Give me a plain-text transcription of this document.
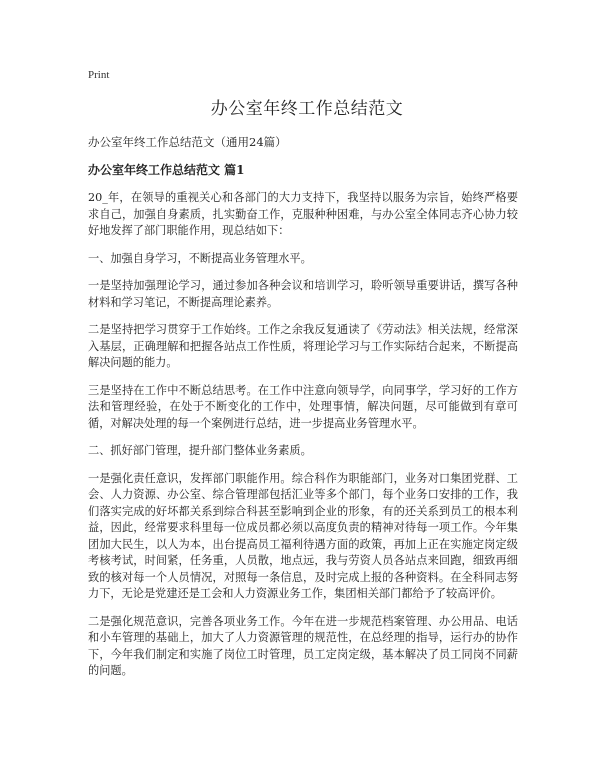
Print
办公室年终工作总结范文
办公室年终工作总结范文（通用24篇）
办公室年终工作总结范文 篇1

20_年，在领导的重视关心和各部门的大力支持下，我坚持以服务为宗旨，始终严格要求自己，加强自身素质，扎实勤奋工作，克服种种困难，与办公室全体同志齐心协力较好地发挥了部门职能作用，现总结如下：

一、加强自身学习，不断提高业务管理水平。

一是坚持加强理论学习，通过参加各种会议和培训学习，聆听领导重要讲话，撰写各种材料和学习笔记，不断提高理论素养。

二是坚持把学习贯穿于工作始终。工作之余我反复通读了《劳动法》相关法规，经常深入基层，正确理解和把握各站点工作性质，将理论学习与工作实际结合起来，不断提高解决问题的能力。

三是坚持在工作中不断总结思考。在工作中注意向领导学，向同事学，学习好的工作方法和管理经验，在处于不断变化的工作中，处理事情，解决问题，尽可能做到有章可循，对解决处理的每一个案例进行总结，进一步提高业务管理水平。

二、抓好部门管理，提升部门整体业务素质。

一是强化责任意识，发挥部门职能作用。综合科作为职能部门，业务对口集团党群、工会、人力资源、办公室、综合管理部包括汇业等多个部门，每个业务口安排的工作，我们落实完成的好坏都关系到综合科甚至影响到企业的形象，有的还关系到员工的根本利益，因此，经常要求科里每一位成员都必须以高度负责的精神对待每一项工作。今年集团加大民生，以人为本，出台提高员工福利待遇方面的政策，再加上正在实施定岗定级考核考试，时间紧，任务重，人员散，地点远，我与劳资人员各站点来回跑，细致再细致的核对每一个人员情况，对照每一条信息，及时完成上报的各种资料。在全科同志努力下，无论是党建还是工会和人力资源业务工作，集团相关部门都给予了较高评价。

二是强化规范意识，完善各项业务工作。今年在进一步规范档案管理、办公用品、电话和小车管理的基础上，加大了人力资源管理的规范性，在总经理的指导，运行办的协作下，今年我们制定和实施了岗位工时管理，员工定岗定级，基本解决了员工同岗不同薪的问题。
